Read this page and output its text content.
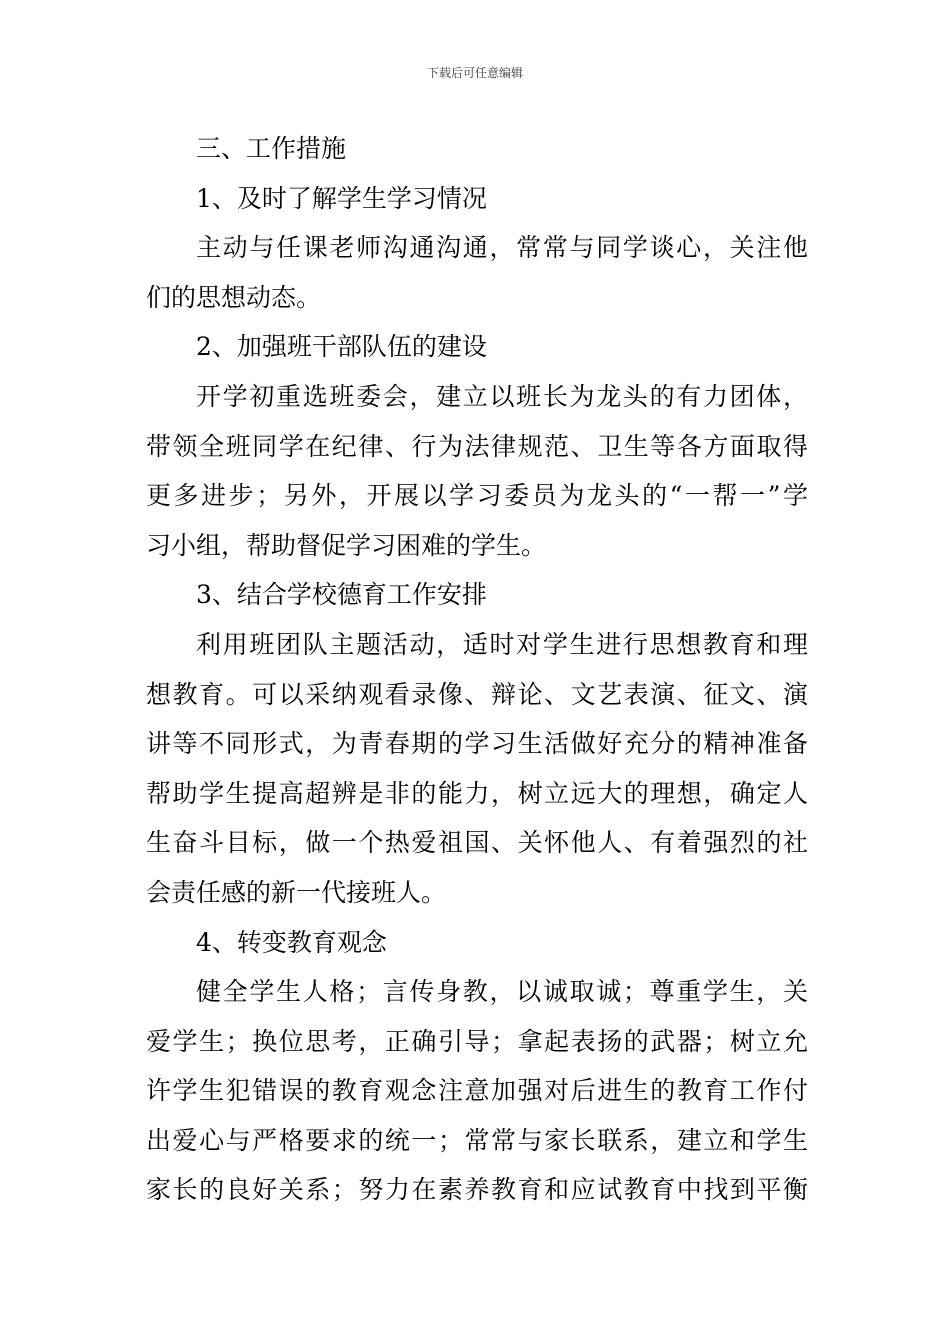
下载后可任意编辑
三、工作措施
1、及时了解学生学习情况
主动与任课老师沟通沟通，常常与同学谈心，关注他
们的思想动态。
2、加强班干部队伍的建设
开学初重选班委会，建立以班长为龙头的有力团体，
带领全班同学在纪律、行为法律规范、卫生等各方面取得
更多进步；另外，开展以学习委员为龙头的“一帮一”学
习小组，帮助督促学习困难的学生。
3、结合学校德育工作安排
利用班团队主题活动，适时对学生进行思想教育和理
想教育。可以采纳观看录像、辩论、文艺表演、征文、演
讲等不同形式，为青春期的学习生活做好充分的精神准备
帮助学生提高超辨是非的能力，树立远大的理想，确定人
生奋斗目标，做一个热爱祖国、关怀他人、有着强烈的社
会责任感的新一代接班人。
4、转变教育观念
健全学生人格；言传身教，以诚取诚；尊重学生，关
爱学生；换位思考，正确引导；拿起表扬的武器；树立允
许学生犯错误的教育观念注意加强对后进生的教育工作付
出爱心与严格要求的统一；常常与家长联系，建立和学生
家长的良好关系；努力在素养教育和应试教育中找到平衡
